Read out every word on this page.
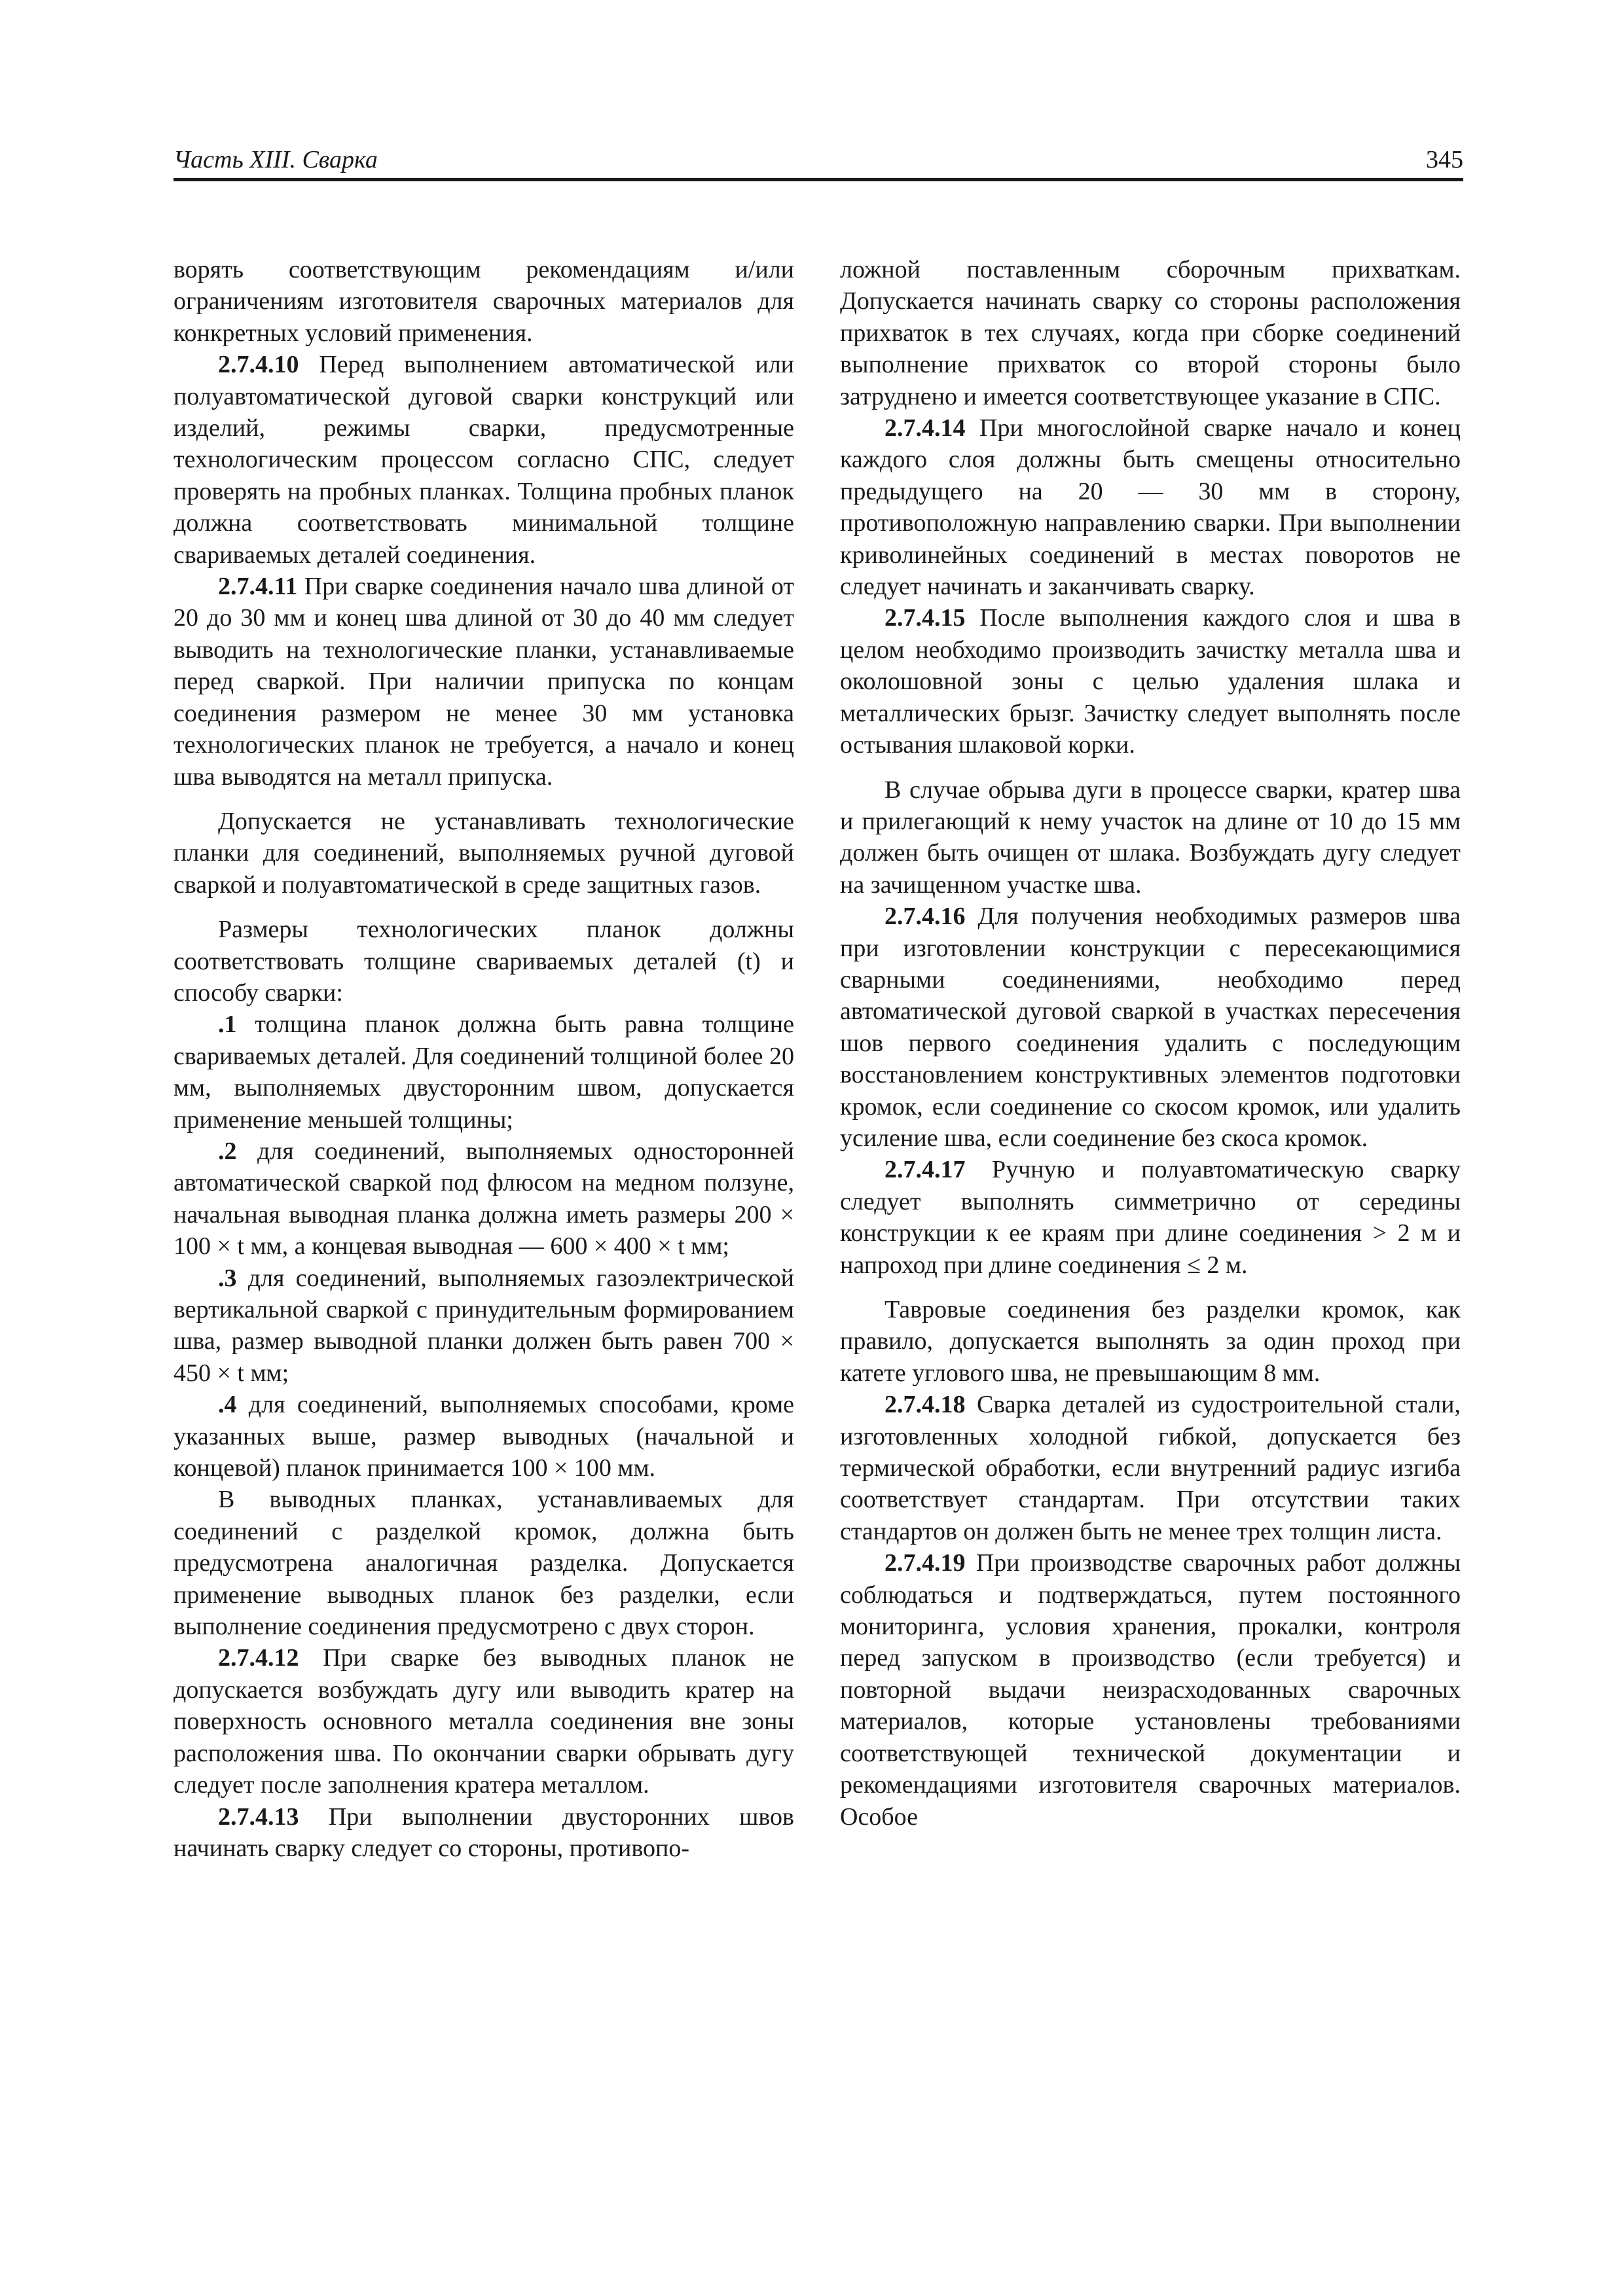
Часть XIII. Сварка	345

ворять соответствующим рекомендациям и/или ограничениям изготовителя сварочных материалов для конкретных условий применения.

2.7.4.10 Перед выполнением автоматической или полуавтоматической дуговой сварки конструкций или изделий, режимы сварки, предусмотренные технологическим процессом согласно СПС, следует проверять на пробных планках. Толщина пробных планок должна соответствовать минимальной толщине свариваемых деталей соединения.

2.7.4.11 При сварке соединения начало шва длиной от 20 до 30 мм и конец шва длиной от 30 до 40 мм следует выводить на технологические планки, устанавливаемые перед сваркой. При наличии припуска по концам соединения размером не менее 30 мм установка технологических планок не требуется, а начало и конец шва выводятся на металл припуска.

Допускается не устанавливать технологические планки для соединений, выполняемых ручной дуговой сваркой и полуавтоматической в среде защитных газов.

Размеры технологических планок должны соответствовать толщине свариваемых деталей (t) и способу сварки:

.1 толщина планок должна быть равна толщине свариваемых деталей. Для соединений толщиной более 20 мм, выполняемых двусторонним швом, допускается применение меньшей толщины;

.2 для соединений, выполняемых односторонней автоматической сваркой под флюсом на медном ползуне, начальная выводная планка должна иметь размеры 200 × 100 × t мм, а концевая выводная — 600 × 400 × t мм;

.3 для соединений, выполняемых газоэлектрической вертикальной сваркой с принудительным формированием шва, размер выводной планки должен быть равен 700 × 450 × t мм;

.4 для соединений, выполняемых способами, кроме указанных выше, размер выводных (начальной и концевой) планок принимается 100 × 100 мм.

В выводных планках, устанавливаемых для соединений с разделкой кромок, должна быть предусмотрена аналогичная разделка. Допускается применение выводных планок без разделки, если выполнение соединения предусмотрено с двух сторон.

2.7.4.12 При сварке без выводных планок не допускается возбуждать дугу или выводить кратер на поверхность основного металла соединения вне зоны расположения шва. По окончании сварки обрывать дугу следует после заполнения кратера металлом.

2.7.4.13 При выполнении двусторонних швов начинать сварку следует со стороны, противопо-

ложной поставленным сборочным прихваткам. Допускается начинать сварку со стороны расположения прихваток в тех случаях, когда при сборке соединений выполнение прихваток со второй стороны было затруднено и имеется соответствующее указание в СПС.

2.7.4.14 При многослойной сварке начало и конец каждого слоя должны быть смещены относительно предыдущего на 20 — 30 мм в сторону, противоположную направлению сварки. При выполнении криволинейных соединений в местах поворотов не следует начинать и заканчивать сварку.

2.7.4.15 После выполнения каждого слоя и шва в целом необходимо производить зачистку металла шва и околошовной зоны с целью удаления шлака и металлических брызг. Зачистку следует выполнять после остывания шлаковой корки.

В случае обрыва дуги в процессе сварки, кратер шва и прилегающий к нему участок на длине от 10 до 15 мм должен быть очищен от шлака. Возбуждать дугу следует на зачищенном участке шва.

2.7.4.16 Для получения необходимых размеров шва при изготовлении конструкции с пересекающимися сварными соединениями, необходимо перед автоматической дуговой сваркой в участках пересечения шов первого соединения удалить с последующим восстановлением конструктивных элементов подготовки кромок, если соединение со скосом кромок, или удалить усиление шва, если соединение без скоса кромок.

2.7.4.17 Ручную и полуавтоматическую сварку следует выполнять симметрично от середины конструкции к ее краям при длине соединения > 2 м и напроход при длине соединения ≤ 2 м.

Тавровые соединения без разделки кромок, как правило, допускается выполнять за один проход при катете углового шва, не превышающим 8 мм.

2.7.4.18 Сварка деталей из судостроительной стали, изготовленных холодной гибкой, допускается без термической обработки, если внутренний радиус изгиба соответствует стандартам. При отсутствии таких стандартов он должен быть не менее трех толщин листа.

2.7.4.19 При производстве сварочных работ должны соблюдаться и подтверждаться, путем постоянного мониторинга, условия хранения, прокалки, контроля перед запуском в производство (если требуется) и повторной выдачи неизрасходованных сварочных материалов, которые установлены требованиями соответствующей технической документации и рекомендациями изготовителя сварочных материалов. Особое
